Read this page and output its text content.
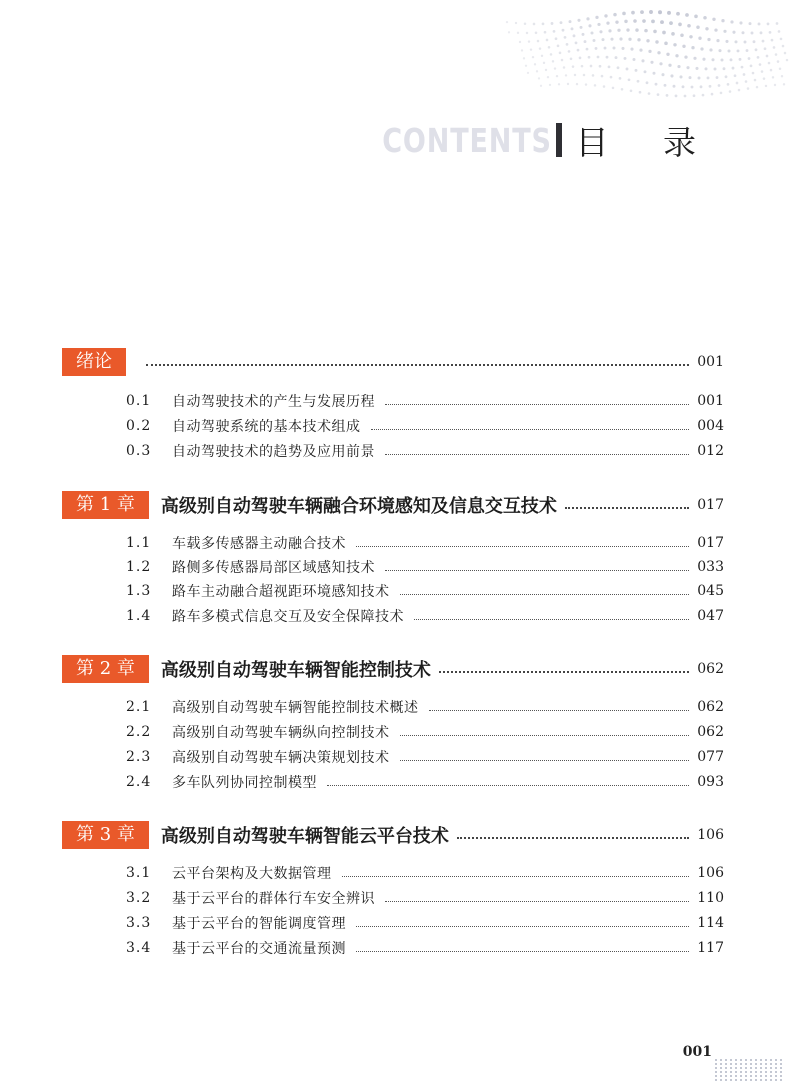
CONTENTS 目 录
绪论	001
0.1	自动驾驶技术的产生与发展历程	001
0.2	自动驾驶系统的基本技术组成	004
0.3	自动驾驶技术的趋势及应用前景	012
第 1 章	高级别自动驾驶车辆融合环境感知及信息交互技术	017
1.1	车载多传感器主动融合技术	017
1.2	路侧多传感器局部区域感知技术	033
1.3	路车主动融合超视距环境感知技术	045
1.4	路车多模式信息交互及安全保障技术	047
第 2 章	高级别自动驾驶车辆智能控制技术	062
2.1	高级别自动驾驶车辆智能控制技术概述	062
2.2	高级别自动驾驶车辆纵向控制技术	062
2.3	高级别自动驾驶车辆决策规划技术	077
2.4	多车队列协同控制模型	093
第 3 章	高级别自动驾驶车辆智能云平台技术	106
3.1	云平台架构及大数据管理	106
3.2	基于云平台的群体行车安全辨识	110
3.3	基于云平台的智能调度管理	114
3.4	基于云平台的交通流量预测	117
001
